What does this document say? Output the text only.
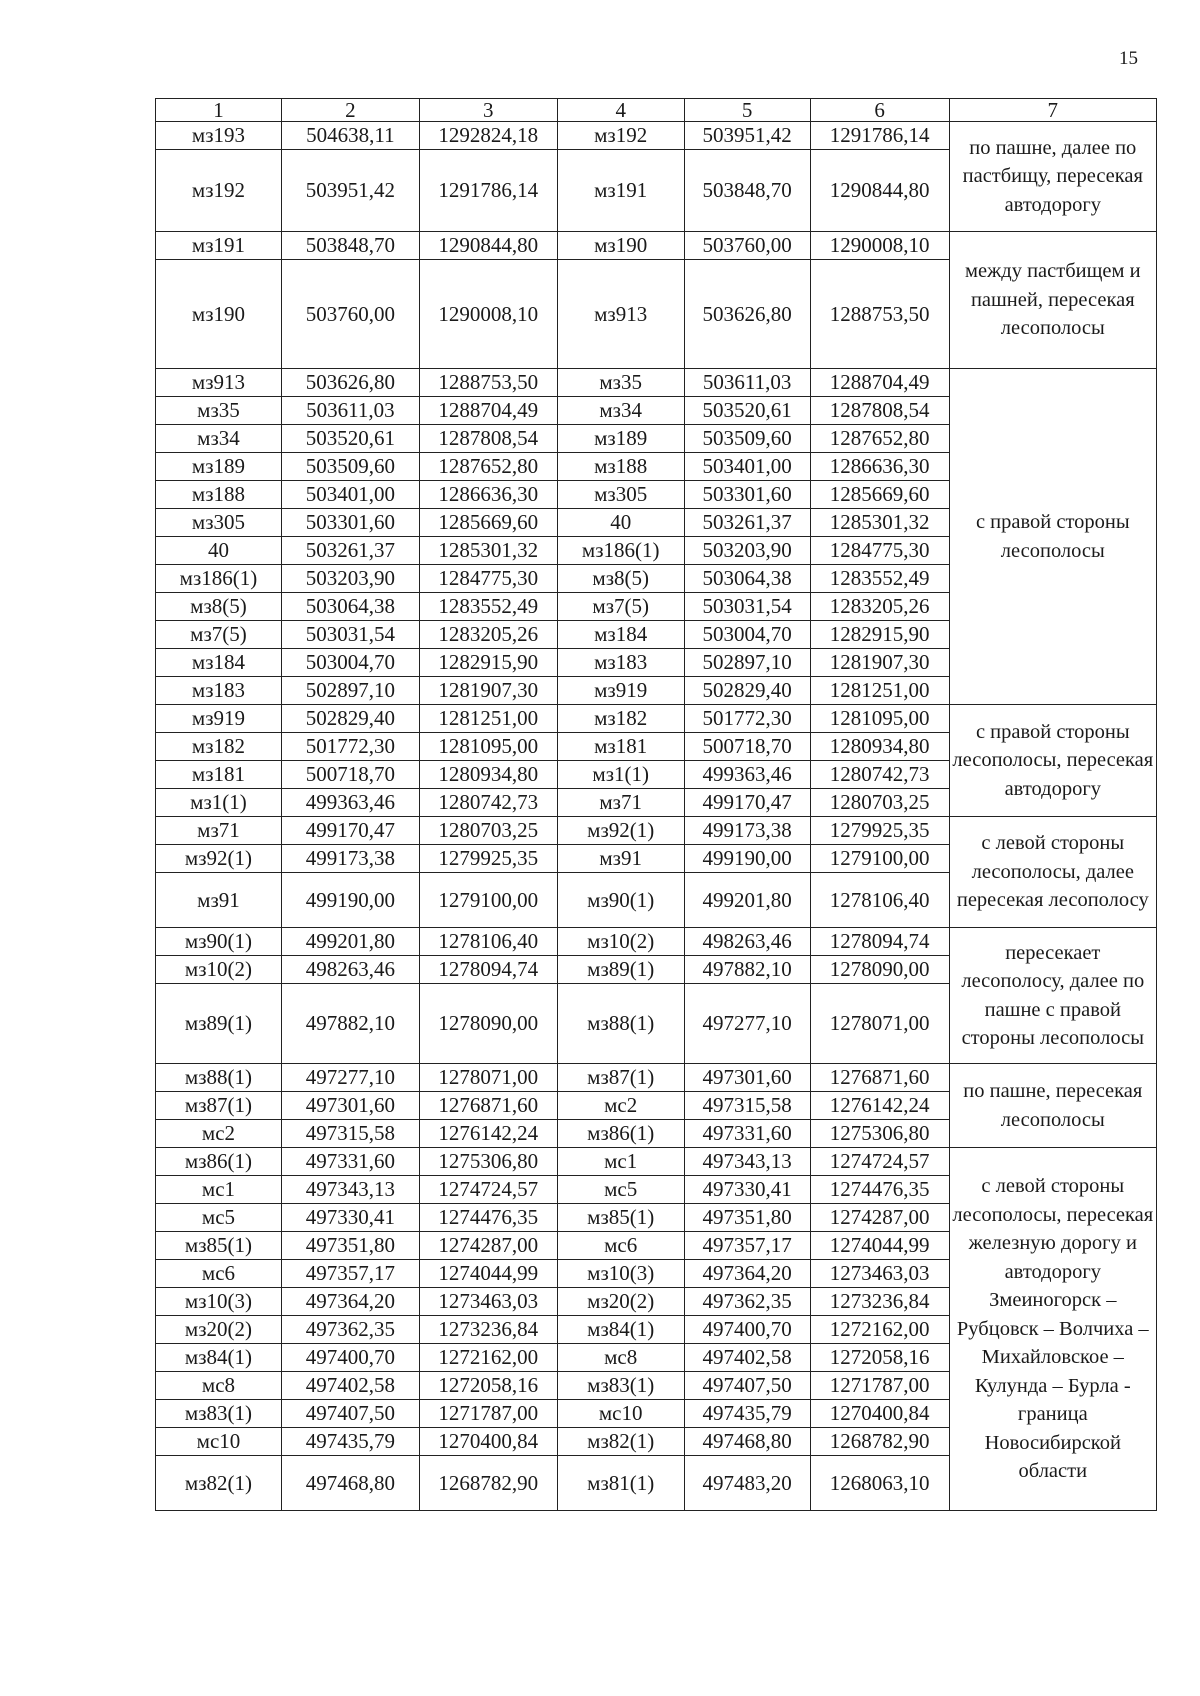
15
1	2	3	4	5	6	7
мз193	504638,11	1292824,18	мз192	503951,42	1291786,14	по пашне, далее по пастбищу, пересекая автодорогу
мз192	503951,42	1291786,14	мз191	503848,70	1290844,80	
мз191	503848,70	1290844,80	мз190	503760,00	1290008,10	между пастбищем и пашней, пересекая лесополосы
мз190	503760,00	1290008,10	мз913	503626,80	1288753,50	
мз913	503626,80	1288753,50	мз35	503611,03	1288704,49	с правой стороны лесополосы
мз35	503611,03	1288704,49	мз34	503520,61	1287808,54	
мз34	503520,61	1287808,54	мз189	503509,60	1287652,80	
мз189	503509,60	1287652,80	мз188	503401,00	1286636,30	
мз188	503401,00	1286636,30	мз305	503301,60	1285669,60	
мз305	503301,60	1285669,60	40	503261,37	1285301,32	
40	503261,37	1285301,32	мз186(1)	503203,90	1284775,30	
мз186(1)	503203,90	1284775,30	мз8(5)	503064,38	1283552,49	
мз8(5)	503064,38	1283552,49	мз7(5)	503031,54	1283205,26	
мз7(5)	503031,54	1283205,26	мз184	503004,70	1282915,90	
мз184	503004,70	1282915,90	мз183	502897,10	1281907,30	
мз183	502897,10	1281907,30	мз919	502829,40	1281251,00	
мз919	502829,40	1281251,00	мз182	501772,30	1281095,00	с правой стороны лесополосы, пересекая автодорогу
мз182	501772,30	1281095,00	мз181	500718,70	1280934,80	
мз181	500718,70	1280934,80	мз1(1)	499363,46	1280742,73	
мз1(1)	499363,46	1280742,73	мз71	499170,47	1280703,25	
мз71	499170,47	1280703,25	мз92(1)	499173,38	1279925,35	с левой стороны лесополосы, далее пересекая лесополосу
мз92(1)	499173,38	1279925,35	мз91	499190,00	1279100,00	
мз91	499190,00	1279100,00	мз90(1)	499201,80	1278106,40	
мз90(1)	499201,80	1278106,40	мз10(2)	498263,46	1278094,74	пересекает лесополосу, далее по пашне с правой стороны лесополосы
мз10(2)	498263,46	1278094,74	мз89(1)	497882,10	1278090,00	
мз89(1)	497882,10	1278090,00	мз88(1)	497277,10	1278071,00	
мз88(1)	497277,10	1278071,00	мз87(1)	497301,60	1276871,60	по пашне, пересекая лесополосы
мз87(1)	497301,60	1276871,60	мс2	497315,58	1276142,24	
мс2	497315,58	1276142,24	мз86(1)	497331,60	1275306,80	
мз86(1)	497331,60	1275306,80	мс1	497343,13	1274724,57	с левой стороны лесополосы, пересекая железную дорогу и автодорогу Змеиногорск – Рубцовск – Волчиха – Михайловское – Кулунда – Бурла - граница Новосибирской области
мс1	497343,13	1274724,57	мс5	497330,41	1274476,35	
мс5	497330,41	1274476,35	мз85(1)	497351,80	1274287,00	
мз85(1)	497351,80	1274287,00	мс6	497357,17	1274044,99	
мс6	497357,17	1274044,99	мз10(3)	497364,20	1273463,03	
мз10(3)	497364,20	1273463,03	мз20(2)	497362,35	1273236,84	
мз20(2)	497362,35	1273236,84	мз84(1)	497400,70	1272162,00	
мз84(1)	497400,70	1272162,00	мс8	497402,58	1272058,16	
мс8	497402,58	1272058,16	мз83(1)	497407,50	1271787,00	
мз83(1)	497407,50	1271787,00	мс10	497435,79	1270400,84	
мс10	497435,79	1270400,84	мз82(1)	497468,80	1268782,90	
мз82(1)	497468,80	1268782,90	мз81(1)	497483,20	1268063,10	
